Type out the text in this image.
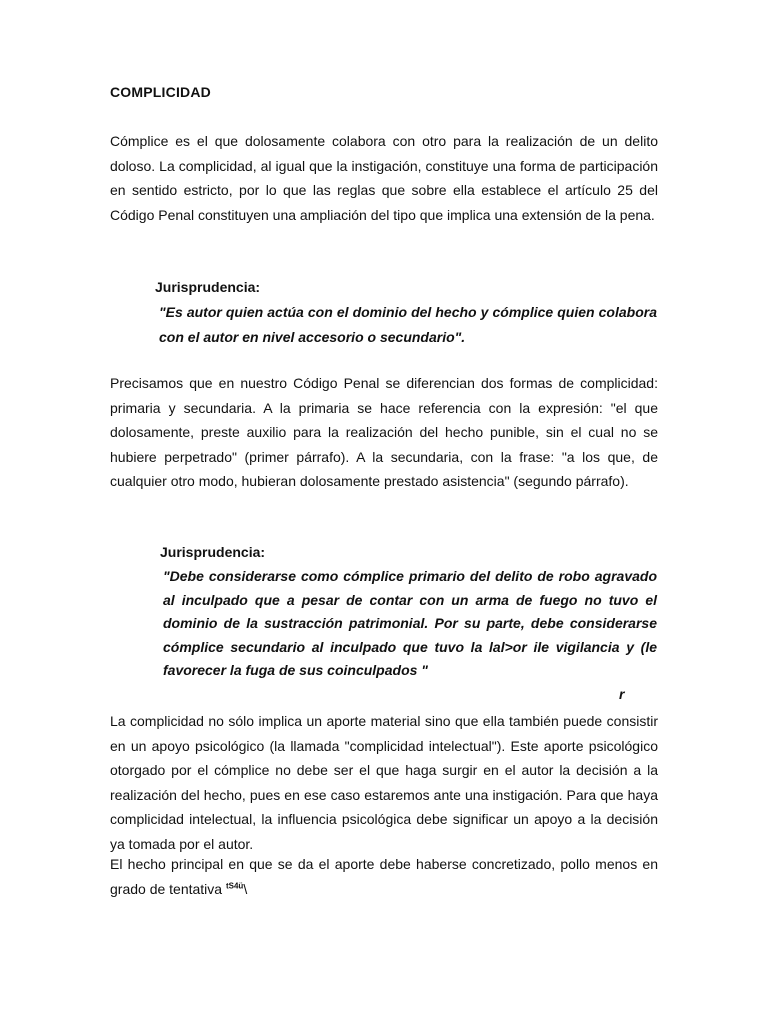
COMPLICIDAD
Cómplice es el que dolosamente colabora con otro para la realización de un delito doloso. La complicidad, al igual que la instigación, constituye una forma de participación en sentido estricto, por lo que las reglas que sobre ella establece el artículo 25 del Código Penal constituyen una ampliación del tipo que implica una extensión de la pena.
Jurisprudencia:
"Es autor quien actúa con el dominio del hecho y cómplice quien colabora con el autor en nivel accesorio o secundario".
Precisamos que en nuestro Código Penal se diferencian dos formas de complicidad: primaria y secundaria. A la primaria se hace referencia con la expresión: "el que dolosamente, preste auxilio para la realización del hecho punible, sin el cual no se hubiere perpetrado" (primer párrafo). A la secundaria, con la frase: "a los que, de cualquier otro modo, hubieran dolosamente prestado asistencia" (segundo párrafo).
Jurisprudencia:
"Debe considerarse como cómplice primario del delito de robo agravado al inculpado que a pesar de contar con un arma de fuego no tuvo el dominio de la sustracción patrimonial. Por su parte, debe considerarse cómplice secundario al inculpado que tuvo la lal>or ile vigilancia y (le favorecer la fuga de sus coinculpados "
r
La complicidad no sólo implica un aporte material sino que ella también puede consistir en un apoyo psicológico (la llamada "complicidad intelectual"). Este aporte psicológico otorgado por el cómplice no debe ser el que haga surgir en el autor la decisión a la realización del hecho, pues en ese caso estaremos ante una instigación. Para que haya complicidad intelectual, la influencia psicológica debe significar un apoyo a la decisión ya tomada por el autor.
El hecho principal en que se da el aporte debe haberse concretizado, pollo menos en grado de tentativa $^{tS4ü}$\
